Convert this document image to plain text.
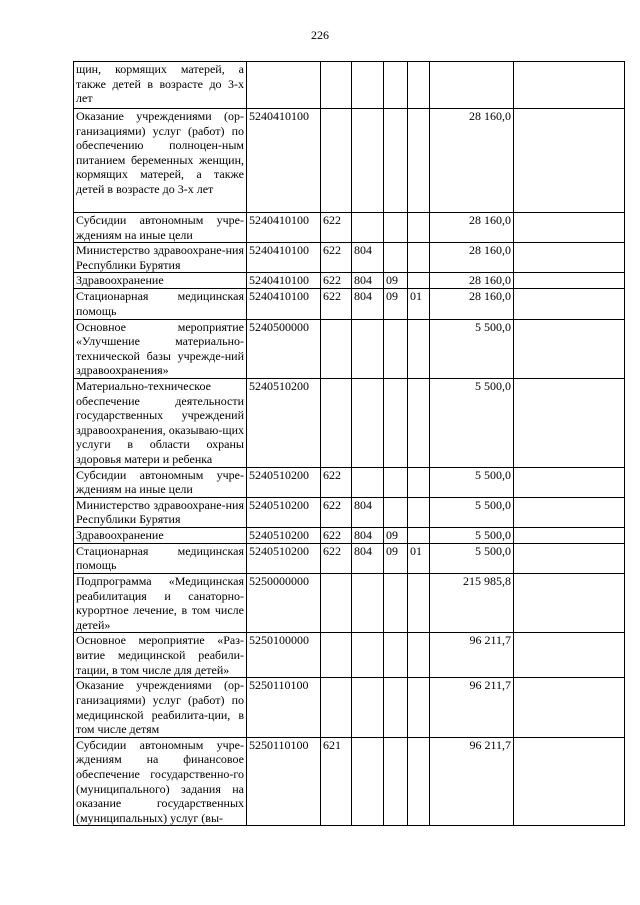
226
щин, кормящих матерей, а также детей в возрасте до 3-х лет							
Оказание учреждениями (ор-ганизациями) услуг (работ) по обеспечению полноцен-ным питанием беременных женщин, кормящих матерей, а также детей в возрасте до 3-х лет	5240410100					28 160,0	
Субсидии автономным учре-ждениям на иные цели	5240410100	622				28 160,0	
Министерство здравоохране-ния Республики Бурятия	5240410100	622	804			28 160,0	
Здравоохранение	5240410100	622	804	09		28 160,0	
Стационарная медицинская помощь	5240410100	622	804	09	01	28 160,0	
Основное мероприятие «Улучшение материально-технической базы учрежде-ний здравоохранения»	5240500000					5 500,0	
Материально-техническое обеспечение деятельности государственных учреждений здравоохранения, оказываю-щих услуги в области охраны здоровья матери и ребенка	5240510200					5 500,0	
Субсидии автономным учре-ждениям на иные цели	5240510200	622				5 500,0	
Министерство здравоохране-ния Республики Бурятия	5240510200	622	804			5 500,0	
Здравоохранение	5240510200	622	804	09		5 500,0	
Стационарная медицинская помощь	5240510200	622	804	09	01	5 500,0	
Подпрограмма «Медицинская реабилитация и санаторно-курортное лечение, в том числе детей»	5250000000					215 985,8	
Основное мероприятие «Раз-витие медицинской реабили-тации, в том числе для детей»	5250100000					96 211,7	
Оказание учреждениями (ор-ганизациями) услуг (работ) по медицинской реабилита-ции, в том числе детям	5250110100					96 211,7	
Субсидии автономным учре-ждениям на финансовое обеспечение государственно-го (муниципального) задания на оказание государственных (муниципальных) услуг (вы-	5250110100	621				96 211,7	
